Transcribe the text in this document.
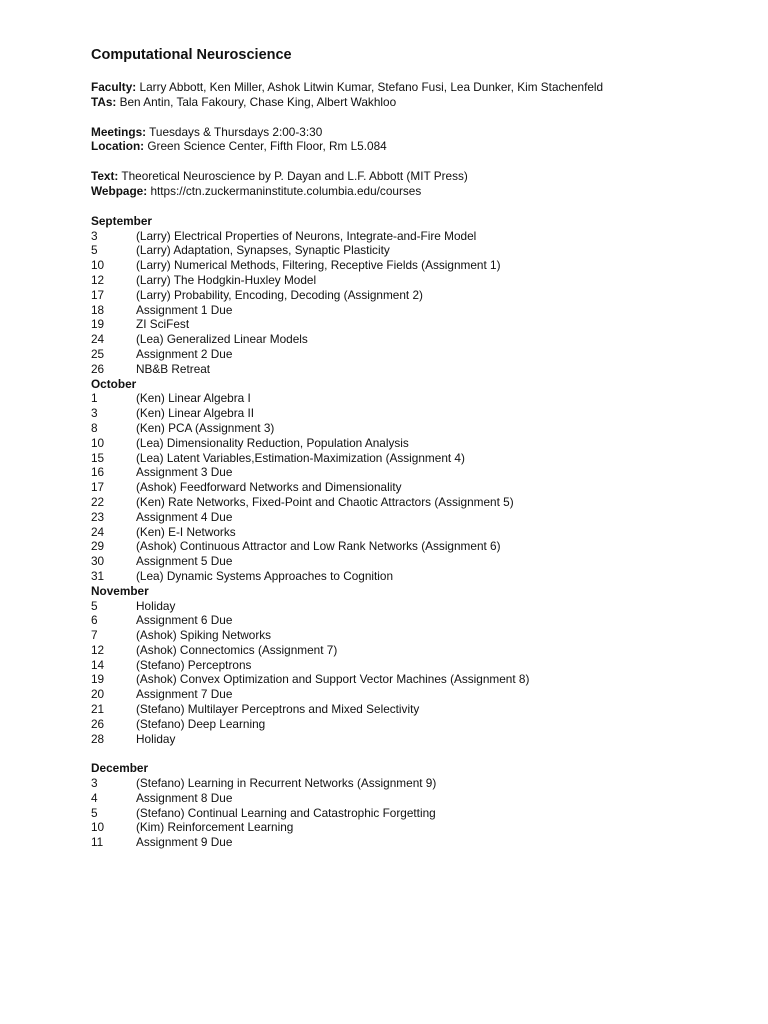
Computational Neuroscience
Faculty: Larry Abbott, Ken Miller, Ashok Litwin Kumar, Stefano Fusi, Lea Dunker, Kim Stachenfeld
TAs: Ben Antin, Tala Fakoury, Chase King, Albert Wakhloo
Meetings: Tuesdays & Thursdays 2:00-3:30
Location: Green Science Center, Fifth Floor, Rm L5.084
Text: Theoretical Neuroscience by P. Dayan and L.F. Abbott (MIT Press)
Webpage: https://ctn.zuckermaninstitute.columbia.edu/courses
September
3	(Larry) Electrical Properties of Neurons, Integrate-and-Fire Model
5	(Larry) Adaptation, Synapses, Synaptic Plasticity
10	(Larry) Numerical Methods, Filtering, Receptive Fields (Assignment 1)
12	(Larry) The Hodgkin-Huxley Model
17	(Larry) Probability, Encoding, Decoding (Assignment 2)
18	Assignment 1 Due
19	ZI SciFest
24	(Lea) Generalized Linear Models
25	Assignment 2 Due
26	NB&B Retreat
October
1	(Ken) Linear Algebra I
3	(Ken) Linear Algebra II
8	(Ken) PCA (Assignment 3)
10	(Lea) Dimensionality Reduction, Population Analysis
15	(Lea) Latent Variables,Estimation-Maximization (Assignment 4)
16	Assignment 3 Due
17	(Ashok) Feedforward Networks and Dimensionality
22	(Ken) Rate Networks, Fixed-Point and Chaotic Attractors (Assignment 5)
23	Assignment 4 Due
24	(Ken) E-I Networks
29	(Ashok) Continuous Attractor and Low Rank Networks (Assignment 6)
30	Assignment 5 Due
31	(Lea) Dynamic Systems Approaches to Cognition
November
5	Holiday
6	Assignment 6 Due
7	(Ashok) Spiking Networks
12	(Ashok) Connectomics (Assignment 7)
14	(Stefano) Perceptrons
19	(Ashok) Convex Optimization and Support Vector Machines (Assignment 8)
20	Assignment 7 Due
21	(Stefano) Multilayer Perceptrons and Mixed Selectivity
26	(Stefano) Deep Learning
28	Holiday
December
3	(Stefano) Learning in Recurrent Networks (Assignment 9)
4	Assignment 8 Due
5	(Stefano) Continual Learning and Catastrophic Forgetting
10	(Kim) Reinforcement Learning
11	Assignment 9 Due
